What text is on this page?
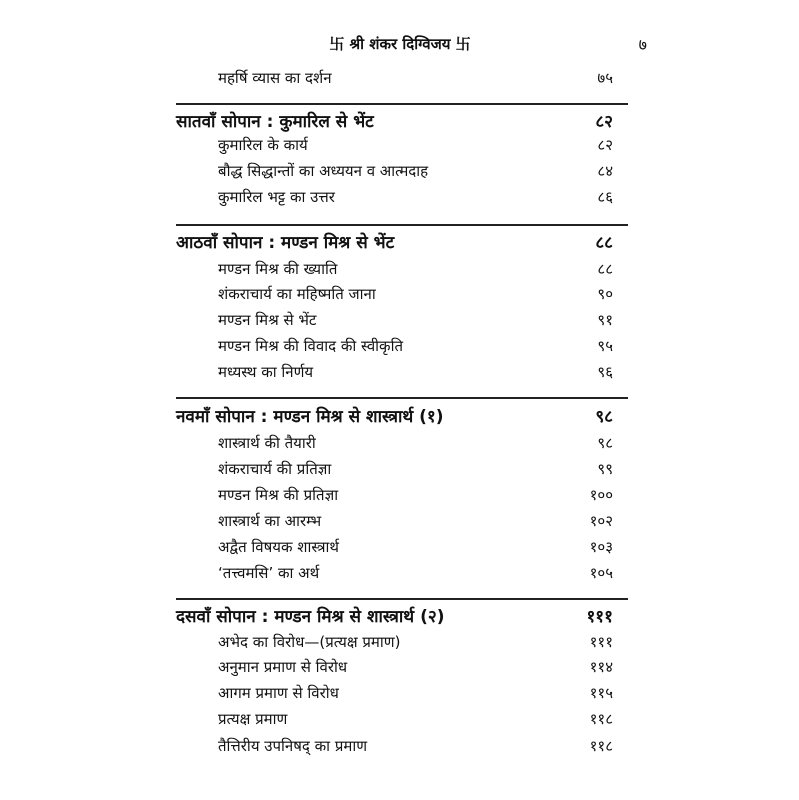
卐 श्री शंकर दिग्विजय 卐	७
महर्षि व्यास का दर्शन	७५
सातवाँ सोपान : कुमारिल से भेंट	८२
कुमारिल के कार्य	८२
बौद्ध सिद्धान्तों का अध्ययन व आत्मदाह	८४
कुमारिल भट्ट का उत्तर	८६
आठवाँ सोपान : मण्डन मिश्र से भेंट	८८
मण्डन मिश्र की ख्याति	८८
शंकराचार्य का महिष्मति जाना	९०
मण्डन मिश्र से भेंट	९१
मण्डन मिश्र की विवाद की स्वीकृति	९५
मध्यस्थ का निर्णय	९६
नवमाँ सोपान : मण्डन मिश्र से शास्त्रार्थ (१)	९८
शास्त्रार्थ की तैयारी	९८
शंकराचार्य की प्रतिज्ञा	९९
मण्डन मिश्र की प्रतिज्ञा	१००
शास्त्रार्थ का आरम्भ	१०२
अद्वैत विषयक शास्त्रार्थ	१०३
‘तत्त्वमसि’ का अर्थ	१०५
दसवाँ सोपान : मण्डन मिश्र से शास्त्रार्थ (२)	१११
अभेद का विरोध—(प्रत्यक्ष प्रमाण)	१११
अनुमान प्रमाण से विरोध	११४
आगम प्रमाण से विरोध	११५
प्रत्यक्ष प्रमाण	११८
तैत्तिरीय उपनिषद् का प्रमाण	११८
